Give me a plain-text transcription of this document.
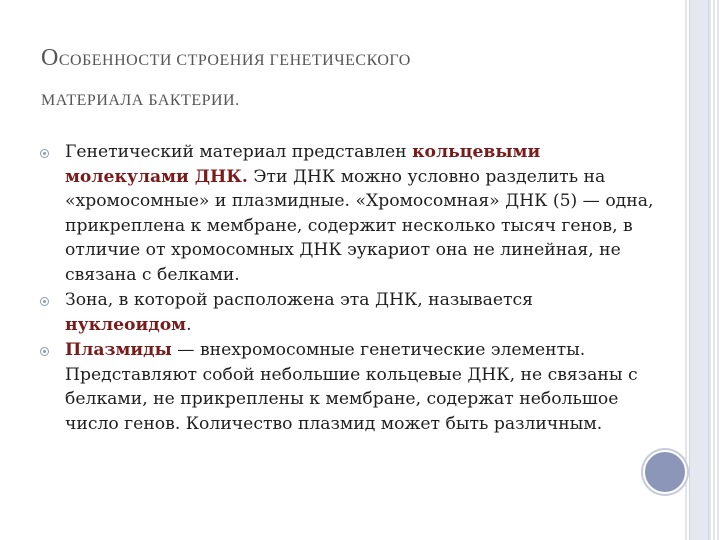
ОСОБЕННОСТИ СТРОЕНИЯ ГЕНЕТИЧЕСКОГО
МАТЕРИАЛА БАКТЕРИИ.
Генетический материал представлен кольцевыми молекулами ДНК. Эти ДНК можно условно разделить на «хромосомные» и плазмидные. «Хромосомная» ДНК (5) — одна, прикреплена к мембране, содержит несколько тысяч генов, в отличие от хромосомных ДНК эукариот она не линейная, не связана с белками.
Зона, в которой расположена эта ДНК, называется нуклеоидом.
Плазмиды — внехромосомные генетические элементы. Представляют собой небольшие кольцевые ДНК, не связаны с белками, не прикреплены к мембране, содержат небольшое число генов. Количество плазмид может быть различным.
